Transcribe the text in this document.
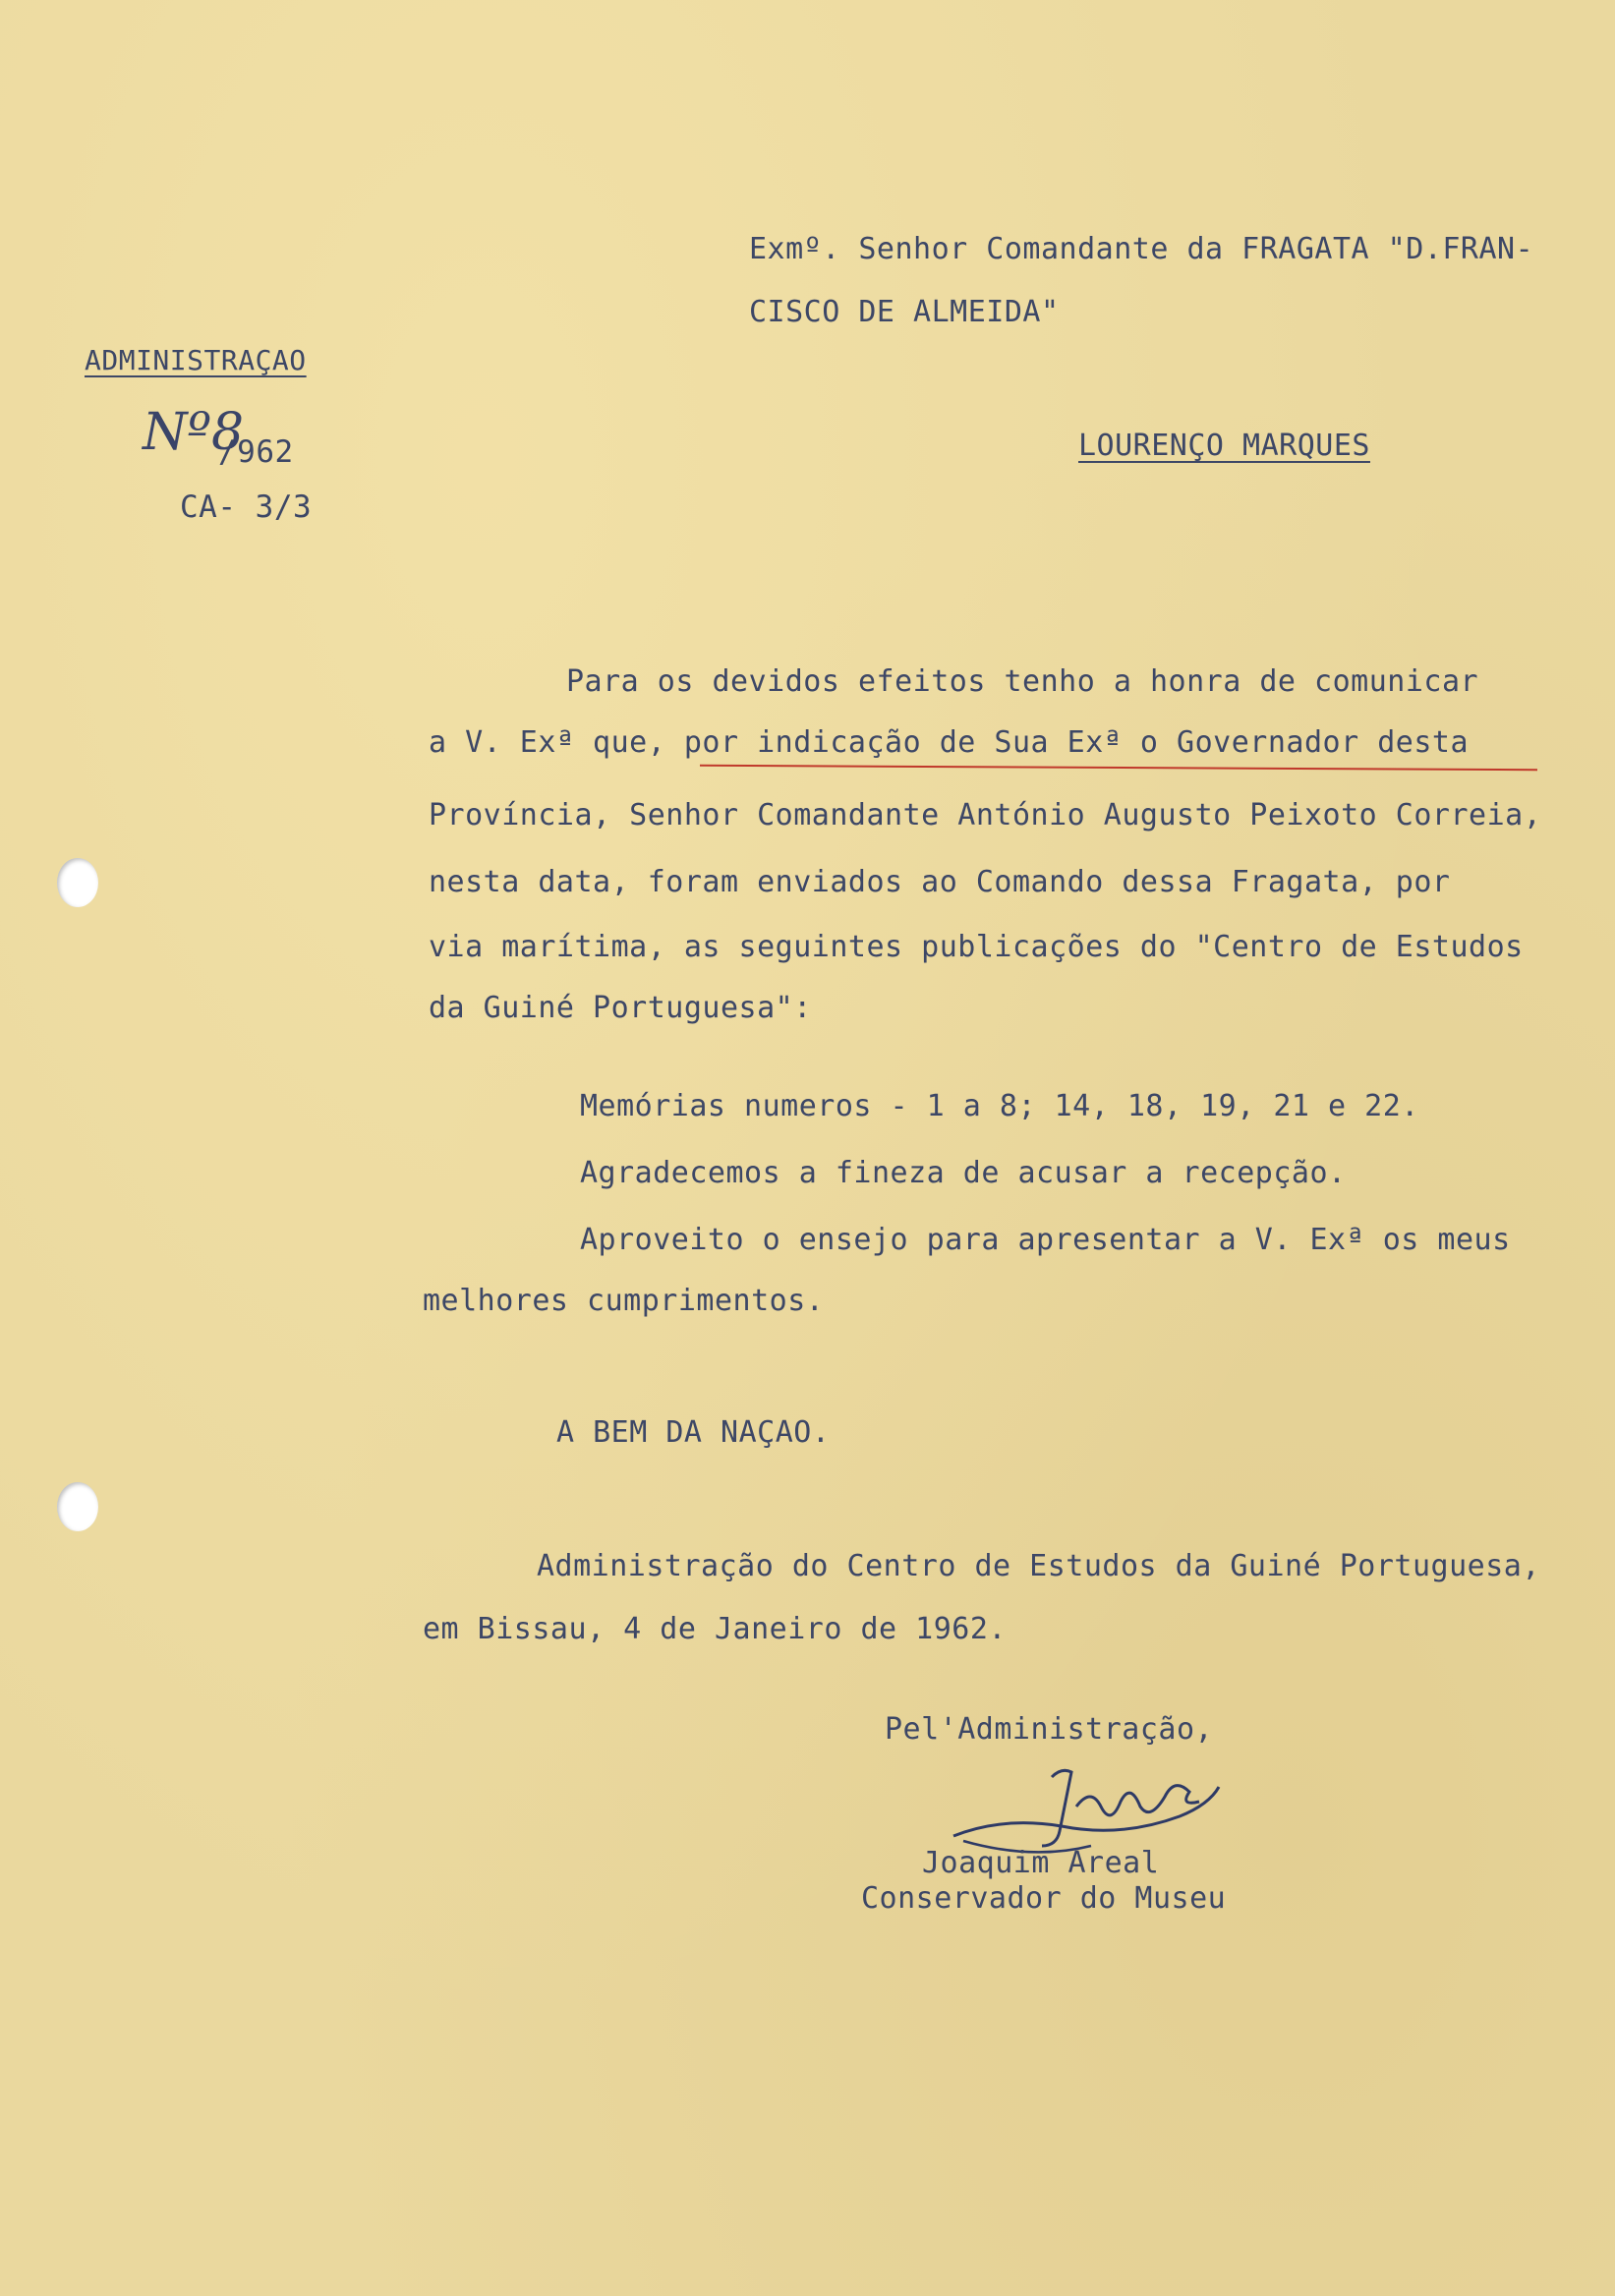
Exmº. Senhor Comandante da FRAGATA "D.FRAN-
CISCO DE ALMEIDA"
LOURENÇO MARQUES
ADMINISTRAÇAO
Nº8
/962
CA- 3/3
Para os devidos efeitos tenho a honra de comunicar
a V. Exª que, por indicação de Sua Exª o Governador desta
Província, Senhor Comandante António Augusto Peixoto Correia,
nesta data, foram enviados ao Comando dessa Fragata, por
via marítima, as seguintes publicações do "Centro de Estudos
da Guiné Portuguesa":
Memórias numeros - 1 a 8; 14, 18, 19, 21 e 22.
Agradecemos a fineza de acusar a recepção.
Aproveito o ensejo para apresentar a V. Exª os meus
melhores cumprimentos.
A BEM DA NAÇAO.
Administração do Centro de Estudos da Guiné Portuguesa,
em Bissau, 4 de Janeiro de 1962.
Pel'Administração,
Joaquim Areal
Conservador do Museu
